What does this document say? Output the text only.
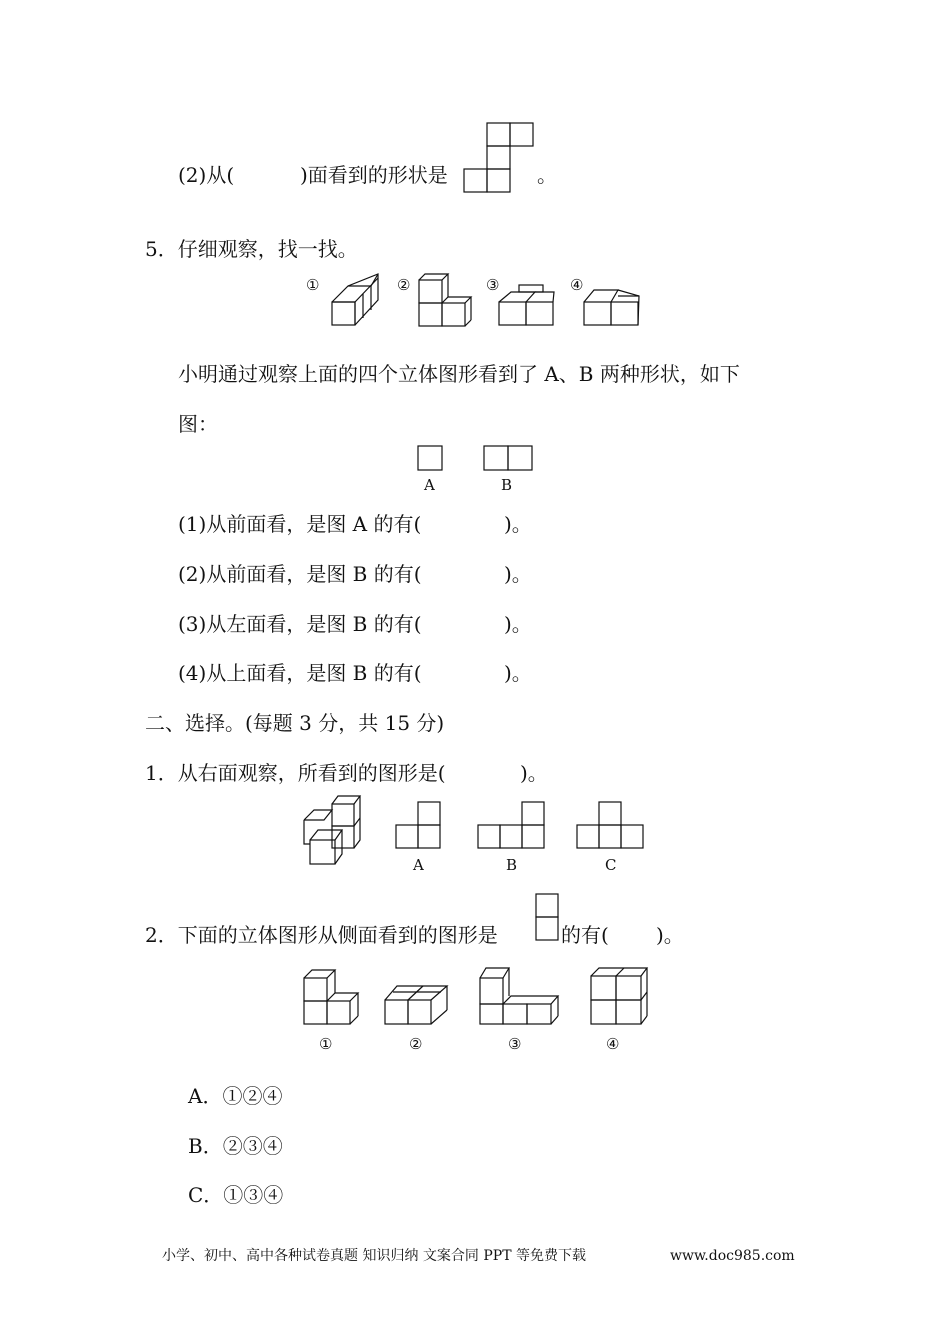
(2)从(	)面看到的形状是	。
5．仔细观察，找一找。
①	②	③	④
小明通过观察上面的四个立体图形看到了 A、B 两种形状，如下
图：
A	B
(1)从前面看，是图 A 的有(	)。
(2)从前面看，是图 B 的有(	)。
(3)从左面看，是图 B 的有(	)。
(4)从上面看，是图 B 的有(	)。
二、选择。(每题 3 分，共 15 分)
1．从右面观察，所看到的图形是(	)。
A	B	C
2．下面的立体图形从侧面看到的图形是	的有( )。
①	②	③	④
A．①②④
B．②③④
C．①③④
小学、初中、高中各种试卷真题 知识归纳 文案合同 PPT 等免费下载	www.doc985.com
